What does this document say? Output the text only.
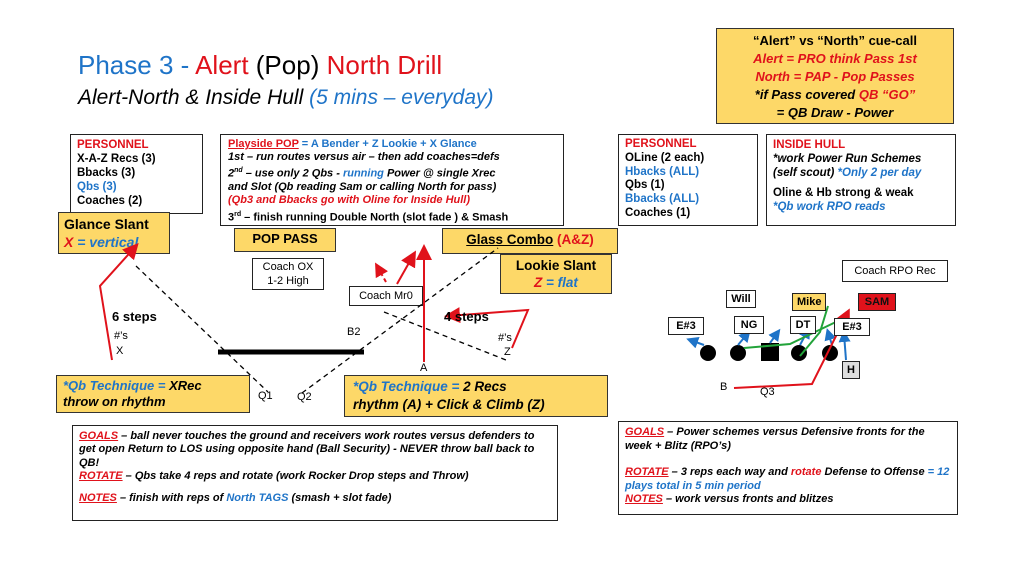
Phase 3 - Alert (Pop) North Drill
Alert-North & Inside Hull (5 mins – everyday)
“Alert” vs “North” cue-call
Alert = PRO think Pass 1st
North = PAP - Pop Passes
*if Pass covered QB “GO”
= QB Draw - Power
PERSONNEL
X-A-Z Recs (3)
Bbacks (3)
Qbs (3)
Coaches (2)
Glance Slant
X = vertical
Playside POP = A Bender + Z Lookie + X Glance
1st – run routes versus air – then add coaches=defs
2nd – use only 2 Qbs - running Power @ single Xrec
and Slot (Qb reading Sam or calling North for pass)
(Qb3 and Bbacks go with Oline for Inside Hull)
3rd – finish running Double North (slot fade ) & Smash
POP PASS	Glass Combo (A&Z)
PERSONNEL
OLine (2 each)
Hbacks (ALL)
Qbs (1)
Bbacks (ALL)
Coaches (1)
INSIDE HULL
*work Power Run Schemes
(self scout) *Only 2 per day
Oline & Hb strong & weak
*Qb work RPO reads
Lookie Slant
Z = flat
Coach OX
1-2 High
Coach Mr0
Coach RPO Rec
6 steps
#’s
X
4 steps
#’s
Z
B2
A
Q1 Q2
Will	Mike	SAM
E#3	NG	DT	E#3
H
B	Q3
*Qb Technique = XRec
throw on rhythm
*Qb Technique = 2 Recs
rhythm (A) + Click & Climb (Z)
GOALS – ball never touches the ground and receivers work routes versus defenders to get open Return to LOS using opposite hand (Ball Security) - NEVER throw ball back to QB!
ROTATE – Qbs take 4 reps and rotate (work Rocker Drop steps and Throw)
NOTES – finish with reps of North TAGS (smash + slot fade)
GOALS – Power schemes versus Defensive fronts for the week + Blitz (RPO’s)
ROTATE – 3 reps each way and rotate Defense to Offense = 12 plays total in 5 min period
NOTES – work versus fronts and blitzes
